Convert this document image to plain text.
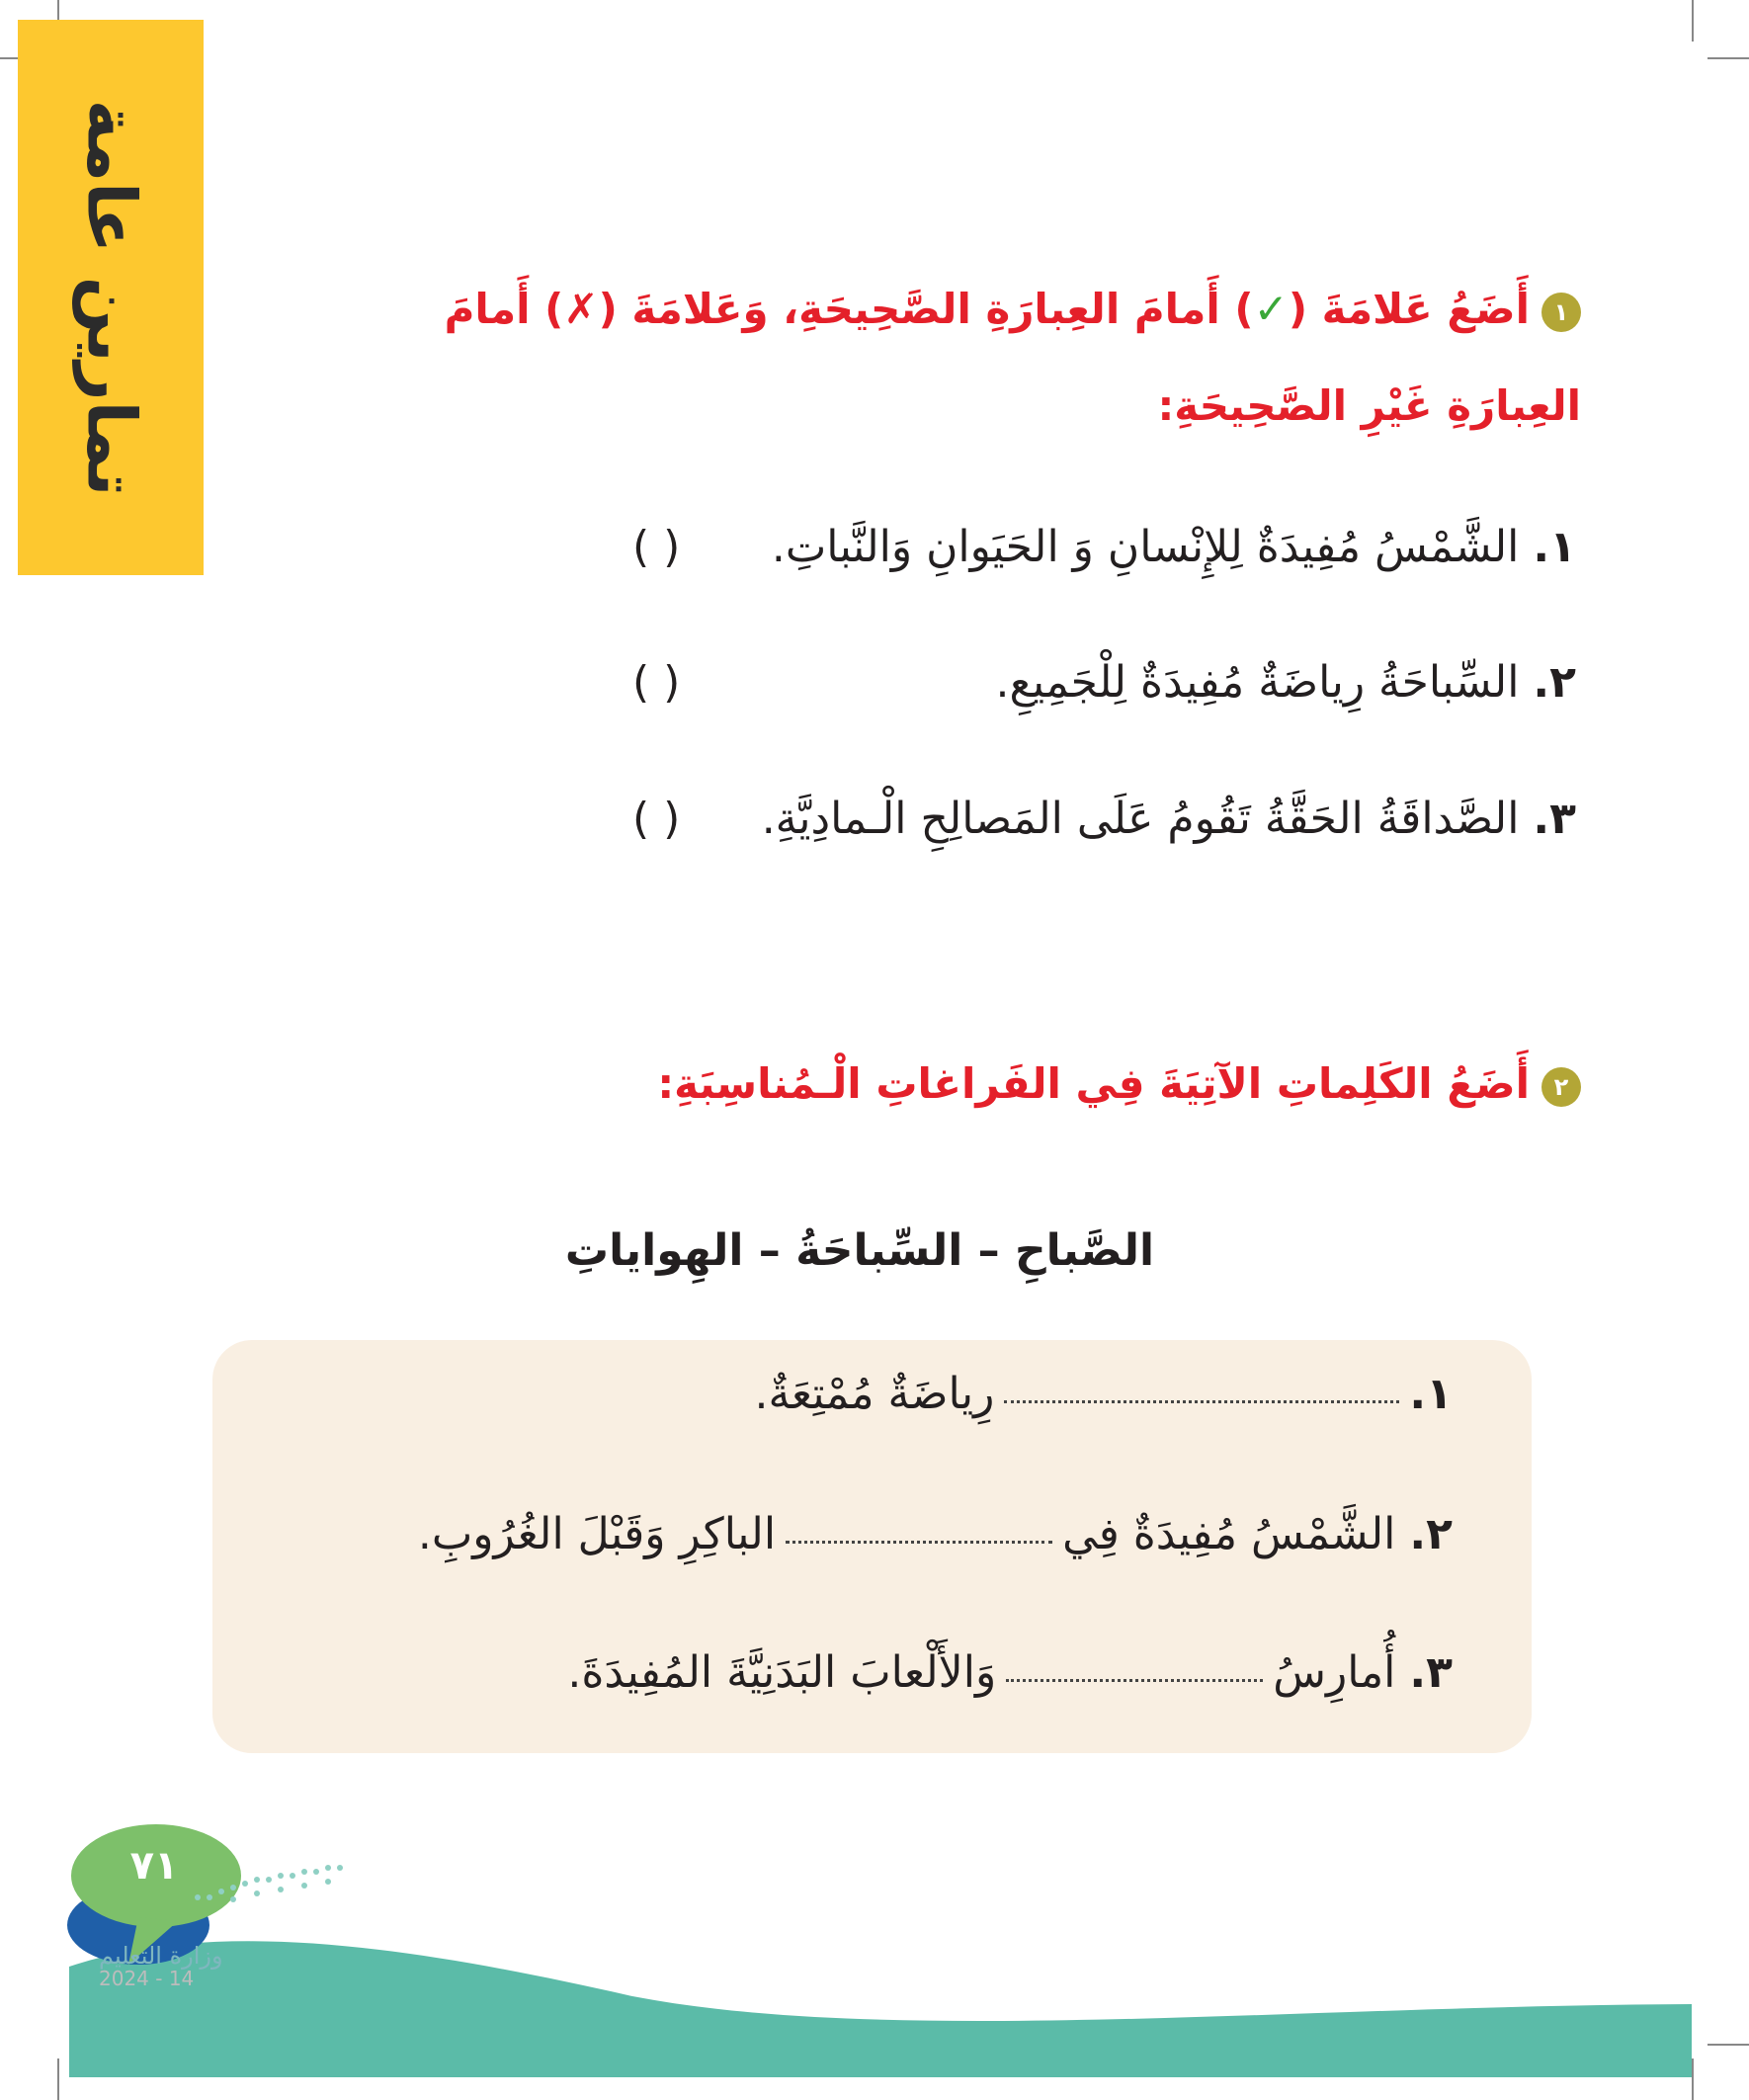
تمارين عامة	١أَضَعُ عَلامَةَ (✓) أَمامَ العِبارَةِ الصَّحِيحَةِ، وَعَلامَةَ (✗) أَمامَ العِبارَةِ غَيْرِ الصَّحِيحَةِ:
١. الشَّمْسُ مُفِيدَةٌ لِلإِنْسانِ وَ الحَيَوانِ وَالنَّباتِ.
( )
٢. السِّباحَةُ رِياضَةٌ مُفِيدَةٌ لِلْجَمِيعِ.
( )
٣. الصَّداقَةُ الحَقَّةُ تَقُومُ عَلَى المَصالِحِ الْـمادِيَّةِ.
( )
٢أَضَعُ الكَلِماتِ الآتِيَةَ فِي الفَراغاتِ الْـمُناسِبَةِ:
الصَّباحِ – السِّباحَةُ – الهِواياتِ
١.رِياضَةٌ مُمْتِعَةٌ.
٢. الشَّمْسُ مُفِيدَةٌ فِيالباكِرِ وَقَبْلَ الغُرُوبِ.
٣. أُمارِسُوَالأَلْعابَ البَدَنِيَّةَ المُفِيدَةَ.
٧١
وزارة التعليم
2024 - 14
